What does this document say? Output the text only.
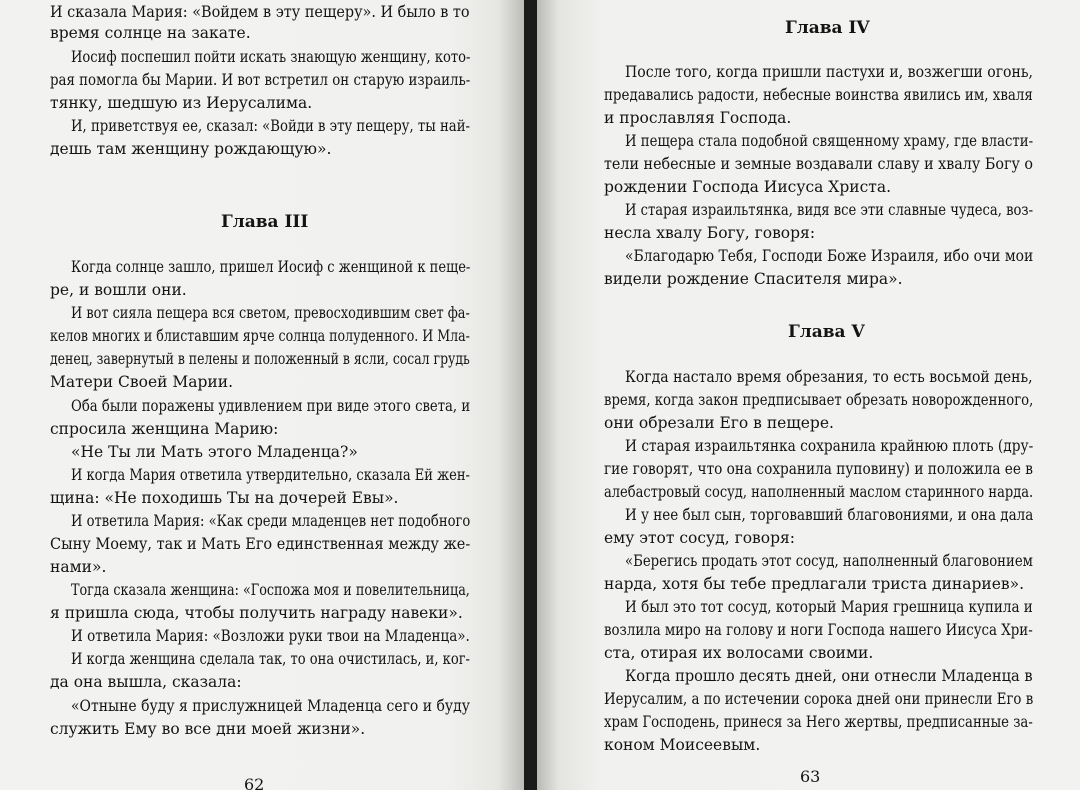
И сказала Мария: «Войдем в эту пещеру». И было в то
время солнце на закате.
Иосиф поспешил пойти искать знающую женщину, кото-
рая помогла бы Марии. И вот встретил он старую израиль-
тянку, шедшую из Иерусалима.
И, приветствуя ее, сказал: «Войди в эту пещеру, ты най-
дешь там женщину рождающую».
Глава III
Когда солнце зашло, пришел Иосиф с женщиной к пеще-
ре, и вошли они.
И вот сияла пещера вся светом, превосходившим свет фа-
келов многих и блиставшим ярче солнца полуденного. И Мла-
денец, завернутый в пелены и положенный в ясли, сосал грудь
Матери Своей Марии.
Оба были поражены удивлением при виде этого света, и
спросила женщина Марию:
«Не Ты ли Мать этого Младенца?»
И когда Мария ответила утвердительно, сказала Ей жен-
щина: «Не походишь Ты на дочерей Евы».
И ответила Мария: «Как среди младенцев нет подобного
Сыну Моему, так и Мать Его единственная между же-
нами».
Тогда сказала женщина: «Госпожа моя и повелительница,
я пришла сюда, чтобы получить награду навеки».
И ответила Мария: «Возложи руки твои на Младенца».
И когда женщина сделала так, то она очистилась, и, ког-
да она вышла, сказала:
«Отныне буду я прислужницей Младенца сего и буду
служить Ему во все дни моей жизни».
62
Глава IV
После того, когда пришли пастухи и, возжегши огонь,
предавались радости, небесные воинства явились им, хваля
и прославляя Господа.
И пещера стала подобной священному храму, где власти-
тели небесные и земные воздавали славу и хвалу Богу о
рождении Господа Иисуса Христа.
И старая израильтянка, видя все эти славные чудеса, воз-
несла хвалу Богу, говоря:
«Благодарю Тебя, Господи Боже Израиля, ибо очи мои
видели рождение Спасителя мира».
Глава V
Когда настало время обрезания, то есть восьмой день,
время, когда закон предписывает обрезать новорожденного,
они обрезали Его в пещере.
И старая израильтянка сохранила крайнюю плоть (дру-
гие говорят, что она сохранила пуповину) и положила ее в
алебастровый сосуд, наполненный маслом старинного нарда.
И у нее был сын, торговавший благовониями, и она дала
ему этот сосуд, говоря:
«Берегись продать этот сосуд, наполненный благовонием
нарда, хотя бы тебе предлагали триста динариев».
И был это тот сосуд, который Мария грешница купила и
возлила миро на голову и ноги Господа нашего Иисуса Хри-
ста, отирая их волосами своими.
Когда прошло десять дней, они отнесли Младенца в
Иерусалим, а по истечении сорока дней они принесли Его в
храм Господень, принеся за Него жертвы, предписанные за-
коном Моисеевым.
63
